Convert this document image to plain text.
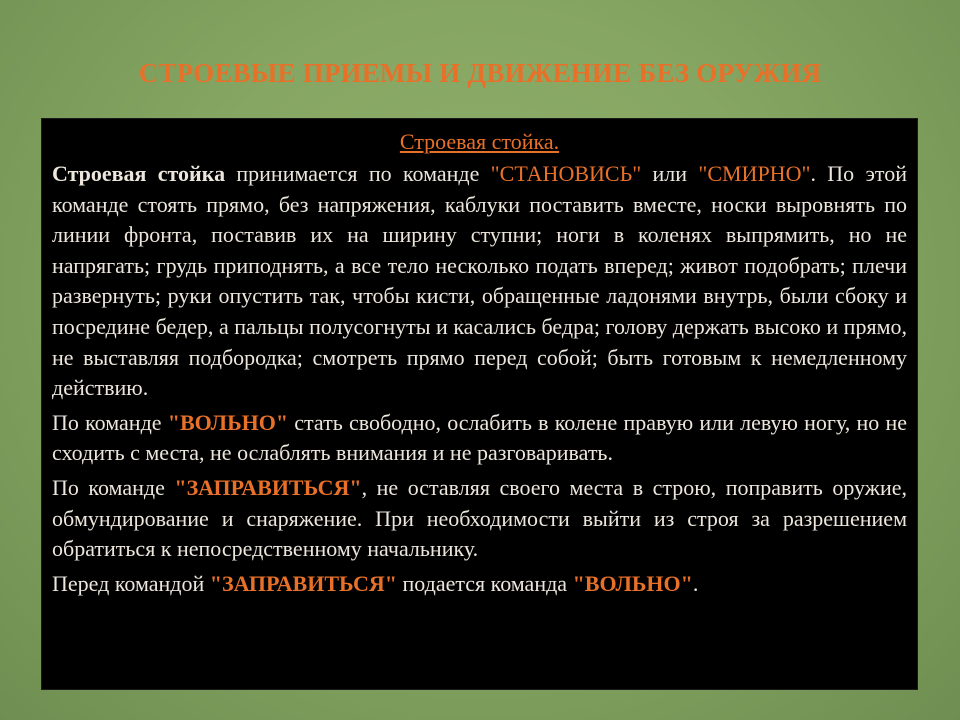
СТРОЕВЫЕ ПРИЕМЫ И ДВИЖЕНИЕ БЕЗ ОРУЖИЯ
Строевая стойка.

Строевая стойка принимается по команде "СТАНОВИСЬ" или "СМИРНО". По этой команде стоять прямо, без напряжения, каблуки поставить вместе, носки выровнять по линии фронта, поставив их на ширину ступни; ноги в коленях выпрямить, но не напрягать; грудь приподнять, а все тело несколько подать вперед; живот подобрать; плечи развернуть; руки опустить так, чтобы кисти, обращенные ладонями внутрь, были сбоку и посредине бедер, а пальцы полусогнуты и касались бедра; голову держать высоко и прямо, не выставляя подбородка; смотреть прямо перед собой; быть готовым к немедленному действию.

По команде "ВОЛЬНО" стать свободно, ослабить в колене правую или левую ногу, но не сходить с места, не ослаблять внимания и не разговаривать.

По команде "ЗАПРАВИТЬСЯ", не оставляя своего места в строю, поправить оружие, обмундирование и снаряжение. При необходимости выйти из строя за разрешением обратиться к непосредственному начальнику.

Перед командой "ЗАПРАВИТЬСЯ" подается команда "ВОЛЬНО".
